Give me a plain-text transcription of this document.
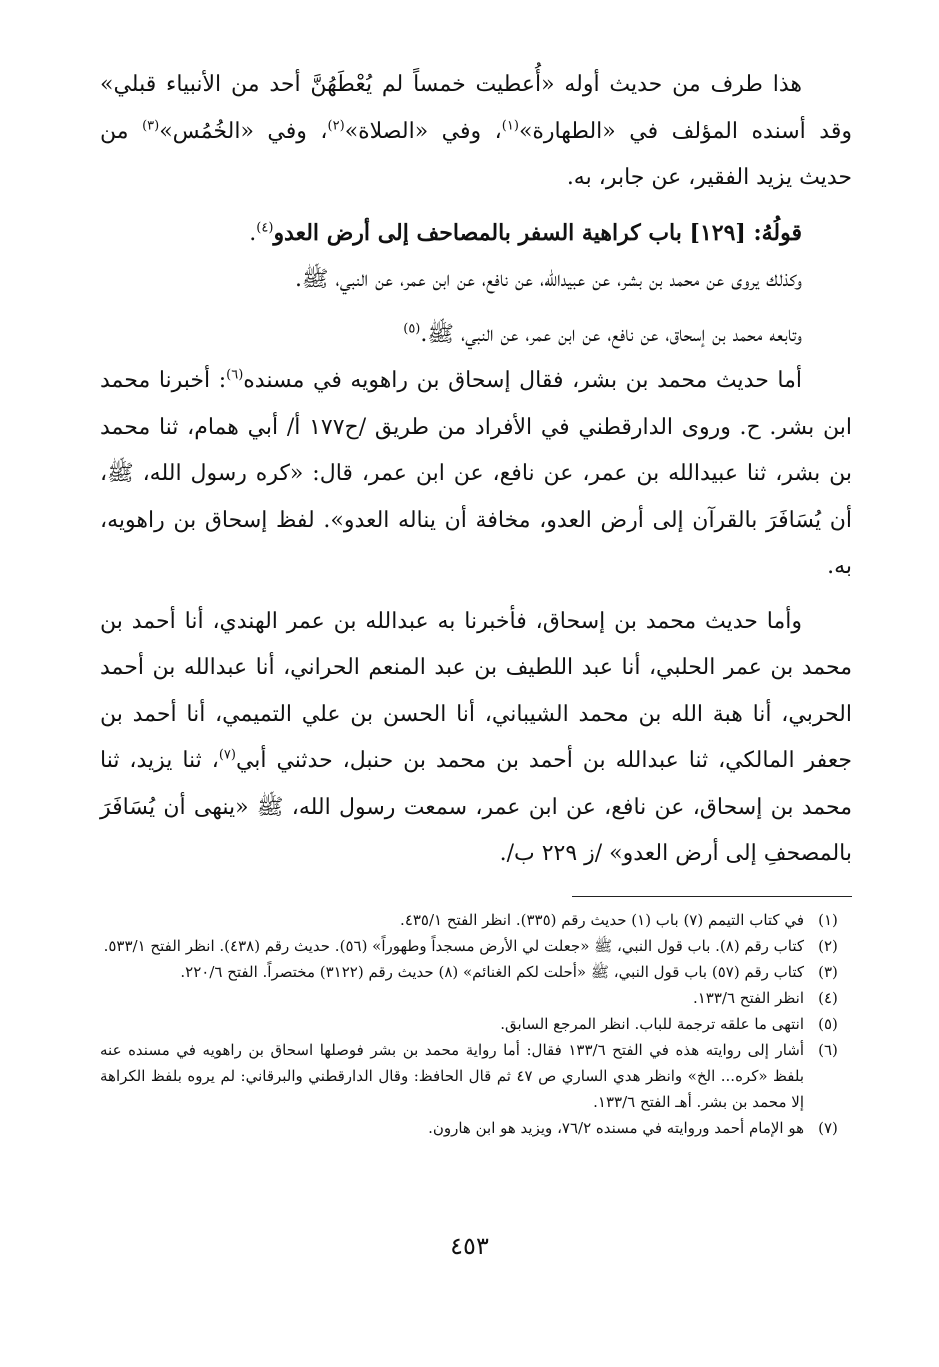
هذا طرف من حديث أوله «أُعطيت خمساً لم يُعْطَهُنَّ أحد من الأنبياء قبلي» وقد أسنده المؤلف في «الطهارة»$^{(١)}$، وفي «الصلاة»$^{(٢)}$، وفي «الخُمُس»$^{(٣)}$ من حديث يزيد الفقير، عن جابر، به.

قولُهُ: [١٢٩] باب كراهية السفر بالمصاحف إلى أرض العدو$^{(٤)}$.

وكذلك يروى عن محمد بن بشر، عن عبيدالله، عن نافع، عن ابن عمر، عن النبي، ﷺ.

وتابعه محمد بن إسحاق، عن نافع، عن ابن عمر، عن النبي، ﷺ.$^{(٥)}$

أما حديث محمد بن بشر، فقال إسحاق بن راهويه في مسنده$^{(٦)}$: أخبرنا محمد ابن بشر. ح. وروى الدارقطني في الأفراد من طريق /ح١٧٧ أ/ أبي همام، ثنا محمد بن بشر، ثنا عبيدالله بن عمر، عن نافع، عن ابن عمر، قال: «كره رسول الله، ﷺ، أن يُسَافَرَ بالقرآن إلى أرض العدو، مخافة أن يناله العدو». لفظ إسحاق بن راهويه، به.

وأما حديث محمد بن إسحاق، فأخبرنا به عبدالله بن عمر الهندي، أنا أحمد بن محمد بن عمر الحلبي، أنا عبد اللطيف بن عبد المنعم الحراني، أنا عبدالله بن أحمد الحربي، أنا هبة الله بن محمد الشيباني، أنا الحسن بن علي التميمي، أنا أحمد بن جعفر المالكي، ثنا عبدالله بن أحمد بن محمد بن حنبل، حدثني أبي$^{(٧)}$، ثنا يزيد، ثنا محمد بن إسحاق، عن نافع، عن ابن عمر، سمعت رسول الله، ﷺ «ينهى أن يُسَافَرَ بالمصحفِ إلى أرض العدو» /ز ٢٢٩ ب/.

(١)
في كتاب التيمم (٧) باب (١) حديث رقم (٣٣٥). انظر الفتح ٤٣٥/١.
(٢)
كتاب رقم (٨). باب قول النبي، ﷺ «جعلت لي الأرض مسجداً وطهوراً» (٥٦). حديث رقم (٤٣٨). انظر الفتح ٥٣٣/١.
(٣)
كتاب رقم (٥٧) باب قول النبي، ﷺ «أحلت لكم الغنائم» (٨) حديث رقم (٣١٢٢) مختصراً. الفتح ٢٢٠/٦.
(٤)
انظر الفتح ١٣٣/٦.
(٥)
انتهى ما علقه ترجمة للباب. انظر المرجع السابق.
(٦)
أشار إلى روايته هذه في الفتح ١٣٣/٦ فقال: أما رواية محمد بن بشر فوصلها اسحاق بن راهويه في مسنده عنه بلفظ «كره... الخ» وانظر هدي الساري ص ٤٧ ثم قال الحافظ: وقال الدارقطني والبرقاني: لم يروه بلفظ الكراهة إلا محمد بن بشر. أهـ الفتح ١٣٣/٦.
(٧)
هو الإمام أحمد وروايته في مسنده ٧٦/٢، ويزيد هو ابن هارون.
٤٥٣
